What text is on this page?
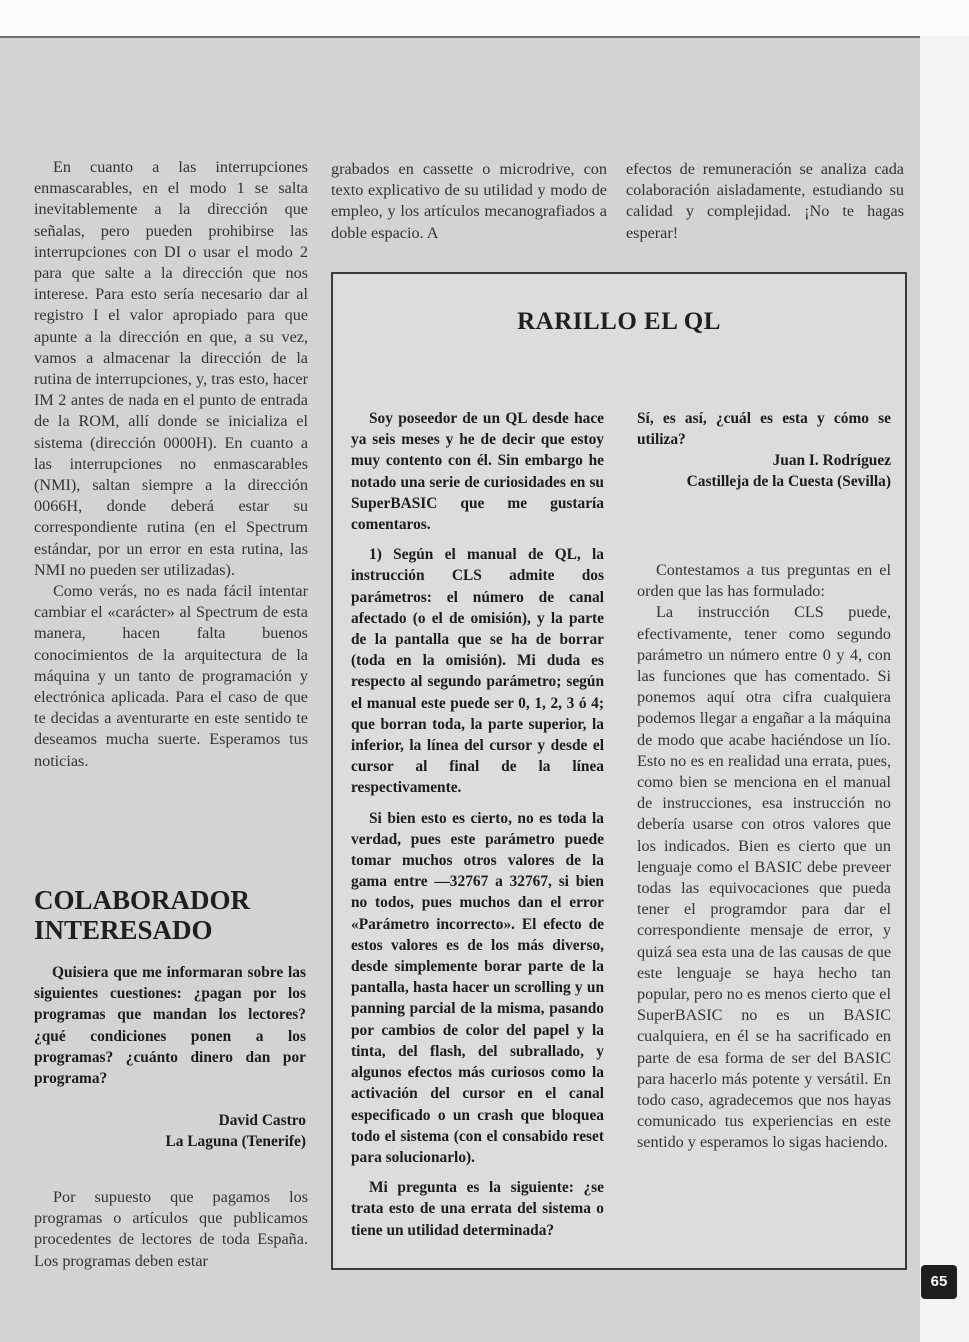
En cuanto a las interrupciones enmascarables, en el modo 1 se salta inevitablemente a la dirección que señalas, pero pueden prohibirse las interrupciones con DI o usar el modo 2 para que salte a la dirección que nos interese. Para esto sería necesario dar al registro I el valor apropiado para que apunte a la dirección en que, a su vez, vamos a almacenar la dirección de la rutina de interrupciones, y, tras esto, hacer IM 2 antes de nada en el punto de entrada de la ROM, allí donde se inicializa el sistema (dirección 0000H). En cuanto a las interrupciones no enmascarables (NMI), saltan siempre a la dirección 0066H, donde deberá estar su correspondiente rutina (en el Spectrum estándar, por un error en esta rutina, las NMI no pueden ser utilizadas).

Como verás, no es nada fácil intentar cambiar el «carácter» al Spectrum de esta manera, hacen falta buenos conocimientos de la arquitectura de la máquina y un tanto de programación y electrónica aplicada. Para el caso de que te decidas a aventurarte en este sentido te deseamos mucha suerte. Esperamos tus noticias.

COLABORADOR
INTERESADO

Quisiera que me informaran sobre las siguientes cuestiones: ¿pagan por los programas que mandan los lectores? ¿qué condiciones ponen a los programas? ¿cuánto dinero dan por programa?

David Castro

La Laguna (Tenerife)

Por supuesto que pagamos los programas o artículos que publicamos procedentes de lectores de toda España. Los programas deben estar

grabados en cassette o microdrive, con texto explicativo de su utilidad y modo de empleo, y los artículos mecanografiados a doble espacio. A

efectos de remuneración se analiza cada colaboración aisladamente, estudiando su calidad y complejidad. ¡No te hagas esperar!

RARILLO EL QL

Soy poseedor de un QL desde hace ya seis meses y he de decir que estoy muy contento con él. Sin embargo he notado una serie de curiosidades en su SuperBASIC que me gustaría comentaros.

1) Según el manual de QL, la instrucción CLS admite dos parámetros: el número de canal afectado (o el de omisión), y la parte de la pantalla que se ha de borrar (toda en la omisión). Mi duda es respecto al segundo parámetro; según el manual este puede ser 0, 1, 2, 3 ó 4; que borran toda, la parte superior, la inferior, la línea del cursor y desde el cursor al final de la línea respectivamente.

Si bien esto es cierto, no es toda la verdad, pues este parámetro puede tomar muchos otros valores de la gama entre —32767 a 32767, si bien no todos, pues muchos dan el error «Parámetro incorrecto». El efecto de estos valores es de los más diverso, desde simplemente borar parte de la pantalla, hasta hacer un scrolling y un panning parcial de la misma, pasando por cambios de color del papel y la tinta, del flash, del subrallado, y algunos efectos más curiosos como la activación del cursor en el canal especificado o un crash que bloquea todo el sistema (con el consabido reset para solucionarlo).

Mi pregunta es la siguiente: ¿se trata esto de una errata del sistema o tiene un utilidad determinada?

Sí, es así, ¿cuál es esta y cómo se utiliza?

Juan I. Rodríguez

Castilleja de la Cuesta (Sevilla)

Contestamos a tus preguntas en el orden que las has formulado:

La instrucción CLS puede, efectivamente, tener como segundo parámetro un número entre 0 y 4, con las funciones que has comentado. Si ponemos aquí otra cifra cualquiera podemos llegar a engañar a la máquina de modo que acabe haciéndose un lío. Esto no es en realidad una errata, pues, como bien se menciona en el manual de instrucciones, esa instrucción no debería usarse con otros valores que los indicados. Bien es cierto que un lenguaje como el BASIC debe preveer todas las equivocaciones que pueda tener el programdor para dar el correspondiente mensaje de error, y quizá sea esta una de las causas de que este lenguaje se haya hecho tan popular, pero no es menos cierto que el SuperBASIC no es un BASIC cualquiera, en él se ha sacrificado en parte de esa forma de ser del BASIC para hacerlo más potente y versátil. En todo caso, agradecemos que nos hayas comunicado tus experiencias en este sentido y esperamos lo sigas haciendo.

65
